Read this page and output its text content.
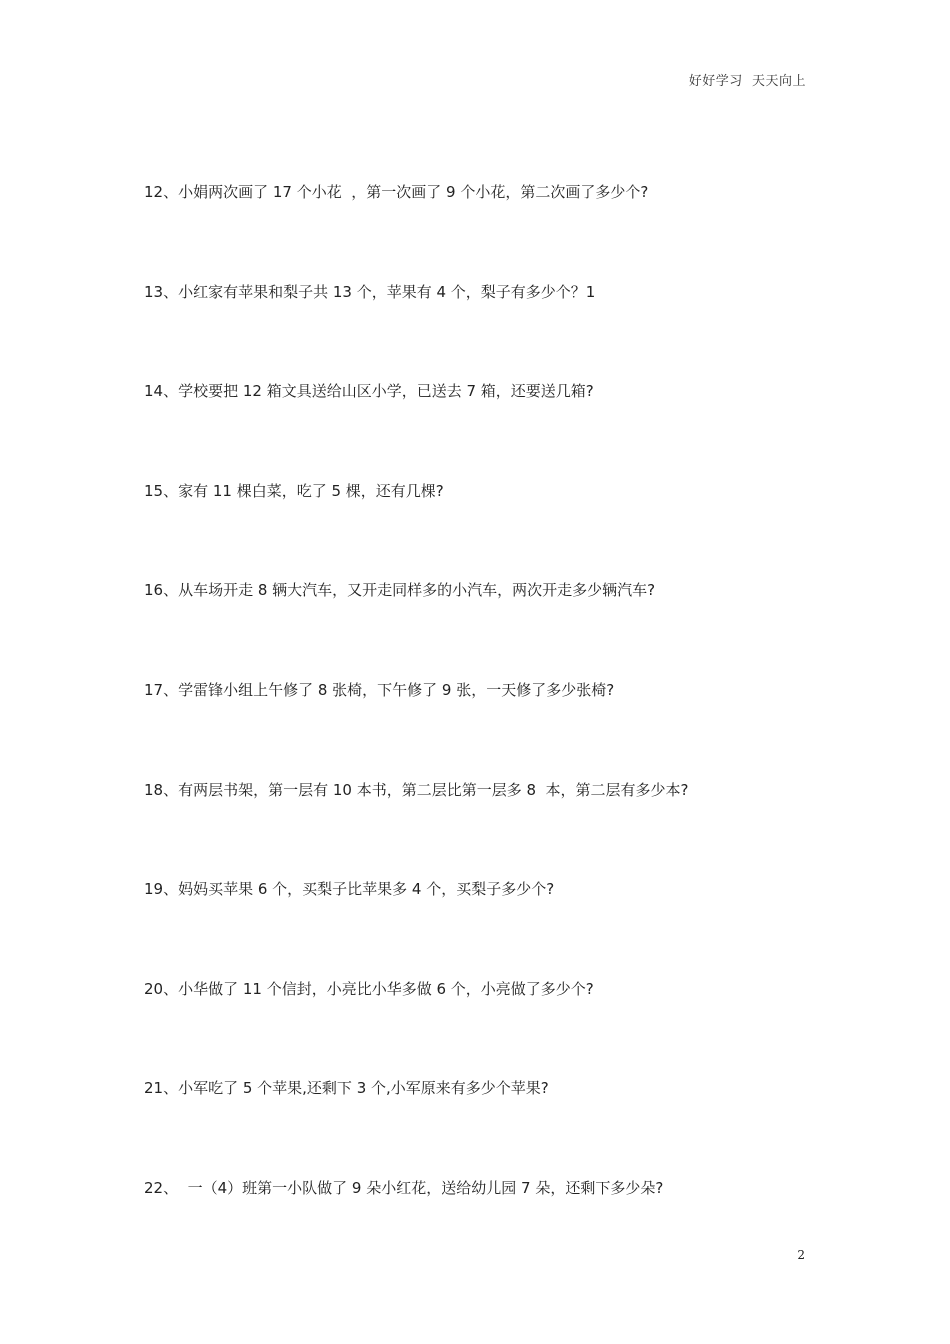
好好学习  天天向上
12、小娟两次画了 17 个小花  ，第一次画了 9 个小花，第二次画了多少个?
13、小红家有苹果和梨子共 13 个，苹果有 4 个，梨子有多少个？1
14、学校要把 12 箱文具送给山区小学，已送去 7 箱，还要送几箱?
15、家有 11 棵白菜，吃了 5 棵，还有几棵?
16、从车场开走 8 辆大汽车，又开走同样多的小汽车，两次开走多少辆汽车?
17、学雷锋小组上午修了 8 张椅，下午修了 9 张，一天修了多少张椅?
18、有两层书架，第一层有 10 本书，第二层比第一层多 8  本，第二层有多少本?
19、妈妈买苹果 6 个，买梨子比苹果多 4 个，买梨子多少个?
20、小华做了 11 个信封，小亮比小华多做 6 个，小亮做了多少个?
21、小军吃了 5 个苹果,还剩下 3 个,小军原来有多少个苹果?
22、  一（4）班第一小队做了 9 朵小红花，送给幼儿园 7 朵，还剩下多少朵?
2
